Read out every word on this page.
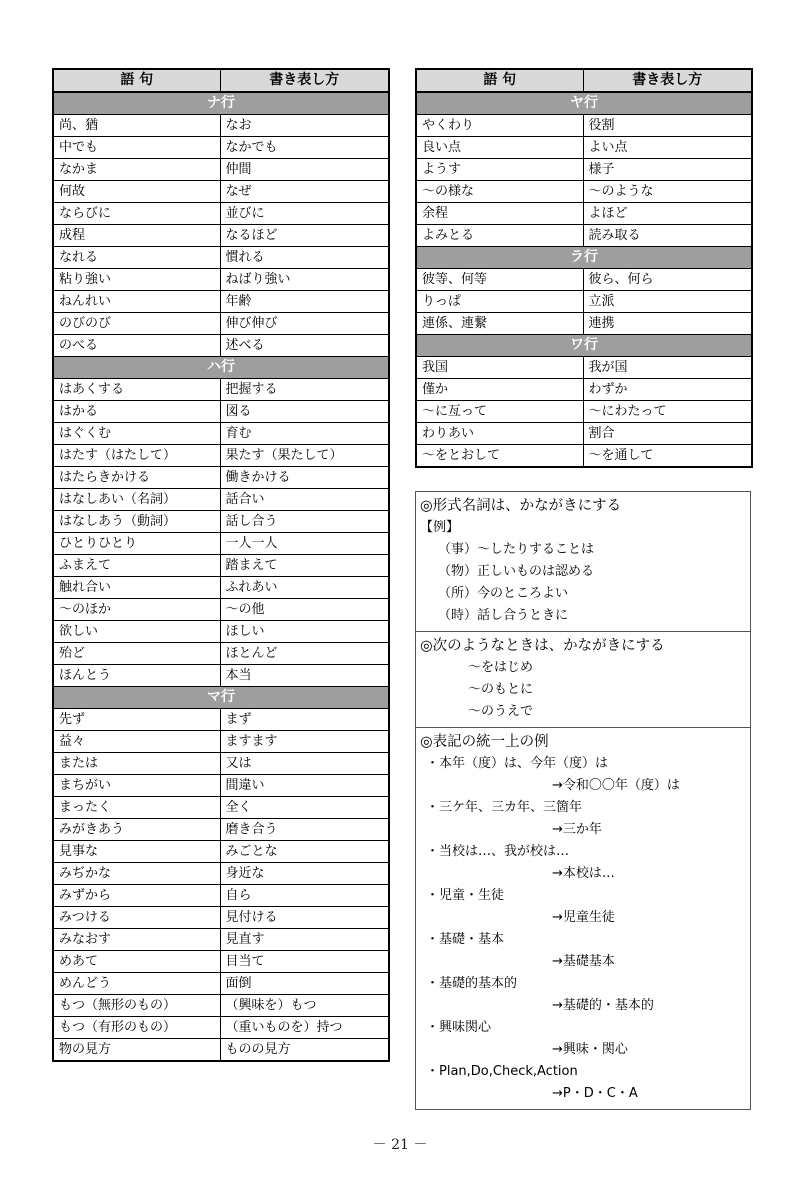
語 句	書き表し方
ナ行	
尚、猶	なお
中でも	なかでも
なかま	仲間
何故	なぜ
ならびに	並びに
成程	なるほど
なれる	慣れる
粘り強い	ねばり強い
ねんれい	年齢
のびのび	伸び伸び
のべる	述べる
ハ行	
はあくする	把握する
はかる	図る
はぐくむ	育む
はたす（はたして）	果たす（果たして）
はたらきかける	働きかける
はなしあい（名詞）	話合い
はなしあう（動詞）	話し合う
ひとりひとり	一人一人
ふまえて	踏まえて
触れ合い	ふれあい
～のほか	～の他
欲しい	ほしい
殆ど	ほとんど
ほんとう	本当
マ行	
先ず	まず
益々	ますます
または	又は
まちがい	間違い
まったく	全く
みがきあう	磨き合う
見事な	みごとな
みぢかな	身近な
みずから	自ら
みつける	見付ける
みなおす	見直す
めあて	目当て
めんどう	面倒
もつ（無形のもの）	（興味を）もつ
もつ（有形のもの）	（重いものを）持つ
物の見方	ものの見方
語 句	書き表し方
ヤ行	
やくわり	役割
良い点	よい点
ようす	様子
～の様な	～のような
余程	よほど
よみとる	読み取る
ラ行	
彼等、何等	彼ら、何ら
りっぱ	立派
連係、連繋	連携
ワ行	
我国	我が国
僅か	わずか
～に亙って	～にわたって
わりあい	割合
～をとおして	～を通して
◎形式名詞は、かながきにする
【例】
（事）～したりすることは
（物）正しいものは認める
（所）今のところよい
（時）話し合うときに
◎次のようなときは、かながきにする
～をはじめ
～のもとに
～のうえで
◎表記の統一上の例
・本年（度）は、今年（度）は
→令和〇〇年（度）は
・三ケ年、三カ年、三箇年
→三か年
・当校は…、我が校は…
→本校は…
・児童・生徒
→児童生徒
・基礎・基本
→基礎基本
・基礎的基本的
→基礎的・基本的
・興味関心
→興味・関心
・Plan,Do,Check,Action
→P・D・C・A
－ 21 －
